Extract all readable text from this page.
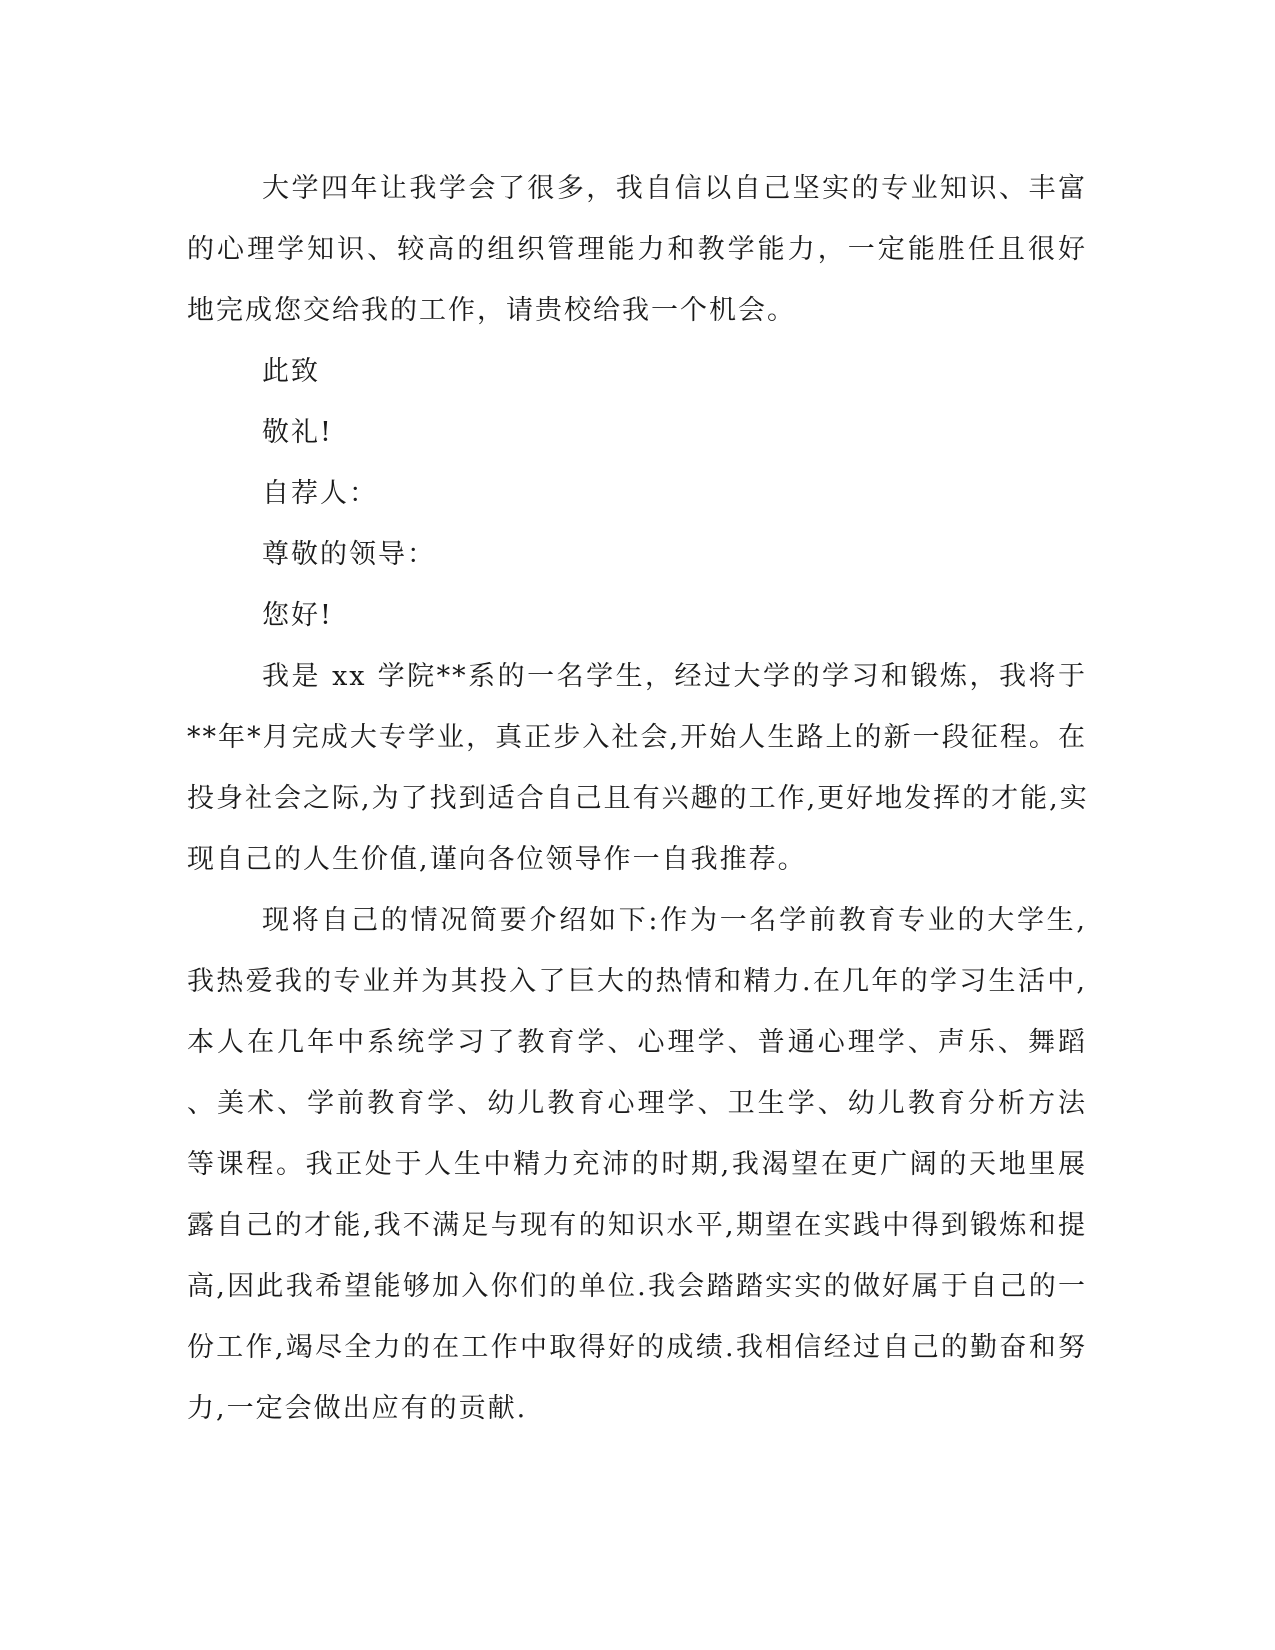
大学四年让我学会了很多，我自信以自己坚实的专业知识、丰富
的心理学知识、较高的组织管理能力和教学能力，一定能胜任且很好
地完成您交给我的工作，请贵校给我一个机会。
此致
敬礼!
自荐人：
尊敬的领导：
您好!
我是 xx 学院**系的一名学生，经过大学的学习和锻炼，我将于
**年*月完成大专学业，真正步入社会,开始人生路上的新一段征程。在
投身社会之际,为了找到适合自己且有兴趣的工作,更好地发挥的才能,实
现自己的人生价值,谨向各位领导作一自我推荐。
现将自己的情况简要介绍如下:作为一名学前教育专业的大学生,
我热爱我的专业并为其投入了巨大的热情和精力.在几年的学习生活中,
本人在几年中系统学习了教育学、心理学、普通心理学、声乐、舞蹈
、美术、学前教育学、幼儿教育心理学、卫生学、幼儿教育分析方法
等课程。我正处于人生中精力充沛的时期,我渴望在更广阔的天地里展
露自己的才能,我不满足与现有的知识水平,期望在实践中得到锻炼和提
高,因此我希望能够加入你们的单位.我会踏踏实实的做好属于自己的一
份工作,竭尽全力的在工作中取得好的成绩.我相信经过自己的勤奋和努
力,一定会做出应有的贡献.
